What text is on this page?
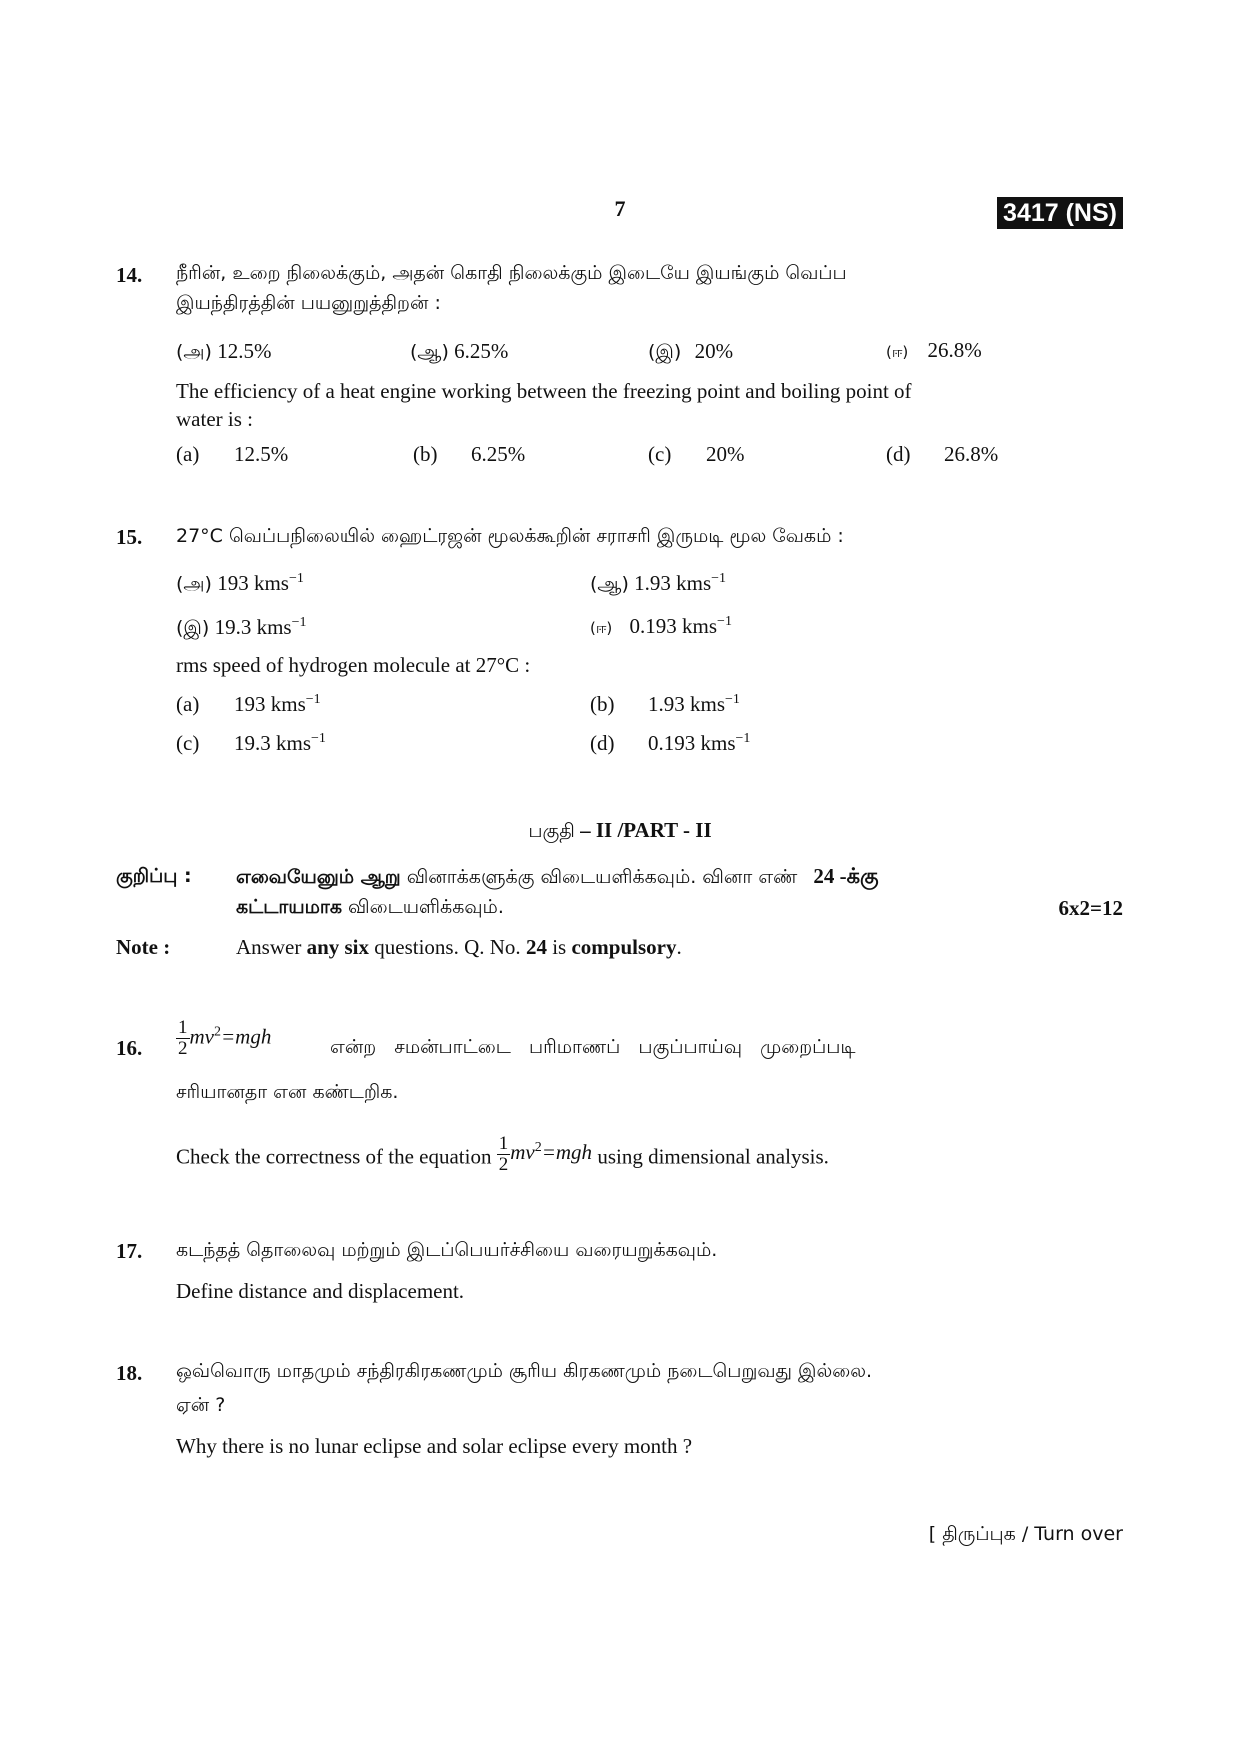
7	3417 (NS)
14. நீரின், உறை நிலைக்கும், அதன் கொதி நிலைக்கும் இடையே இயங்கும் வெப்ப
இயந்திரத்தின் பயனுறுத்திறன் :
(அ) 12.5%	(ஆ) 6.25%	(இ) 20%	(ஈ) 26.8%
The efficiency of a heat engine working between the freezing point and boiling point of
water is :
(a) 12.5%	(b) 6.25%	(c) 20%	(d) 26.8%
15. 27°C வெப்பநிலையில் ஹைட்ரஜன் மூலக்கூறின் சராசரி இருமடி மூல வேகம் :
(அ) 193 kms$^{-1}$	(ஆ) 1.93 kms$^{-1}$
(இ) 19.3 kms$^{-1}$	(ஈ) 0.193 kms$^{-1}$
rms speed of hydrogen molecule at 27°C :
(a) 193 kms$^{-1}$	(b) 1.93 kms$^{-1}$
(c) 19.3 kms$^{-1}$	(d) 0.193 kms$^{-1}$
பகுதி – II /PART - II
குறிப்பு : எவையேனும் ஆறு வினாக்களுக்கு விடையளிக்கவும். வினா எண் 24 -க்கு
கட்டாயமாக விடையளிக்கவும்.	6x2=12
Note :	Answer any six questions. Q. No. 24 is compulsory.
16. $\frac{1}{2} mv^2=mgh$	என்ற   சமன்பாட்டை   பரிமாணப்   பகுப்பாய்வு   முறைப்படி
சரியானதா என கண்டறிக.
Check the correctness of the equation $\frac{1}{2} mv^2=mgh$ using dimensional analysis.
17. கடந்தத் தொலைவு மற்றும் இடப்பெயர்ச்சியை வரையறுக்கவும்.
Define distance and displacement.
18. ஒவ்வொரு மாதமும் சந்திரகிரகணமும் சூரிய கிரகணமும் நடைபெறுவது இல்லை.
ஏன் ?
Why there is no lunar eclipse and solar eclipse every month ?
[ திருப்புக / Turn over
